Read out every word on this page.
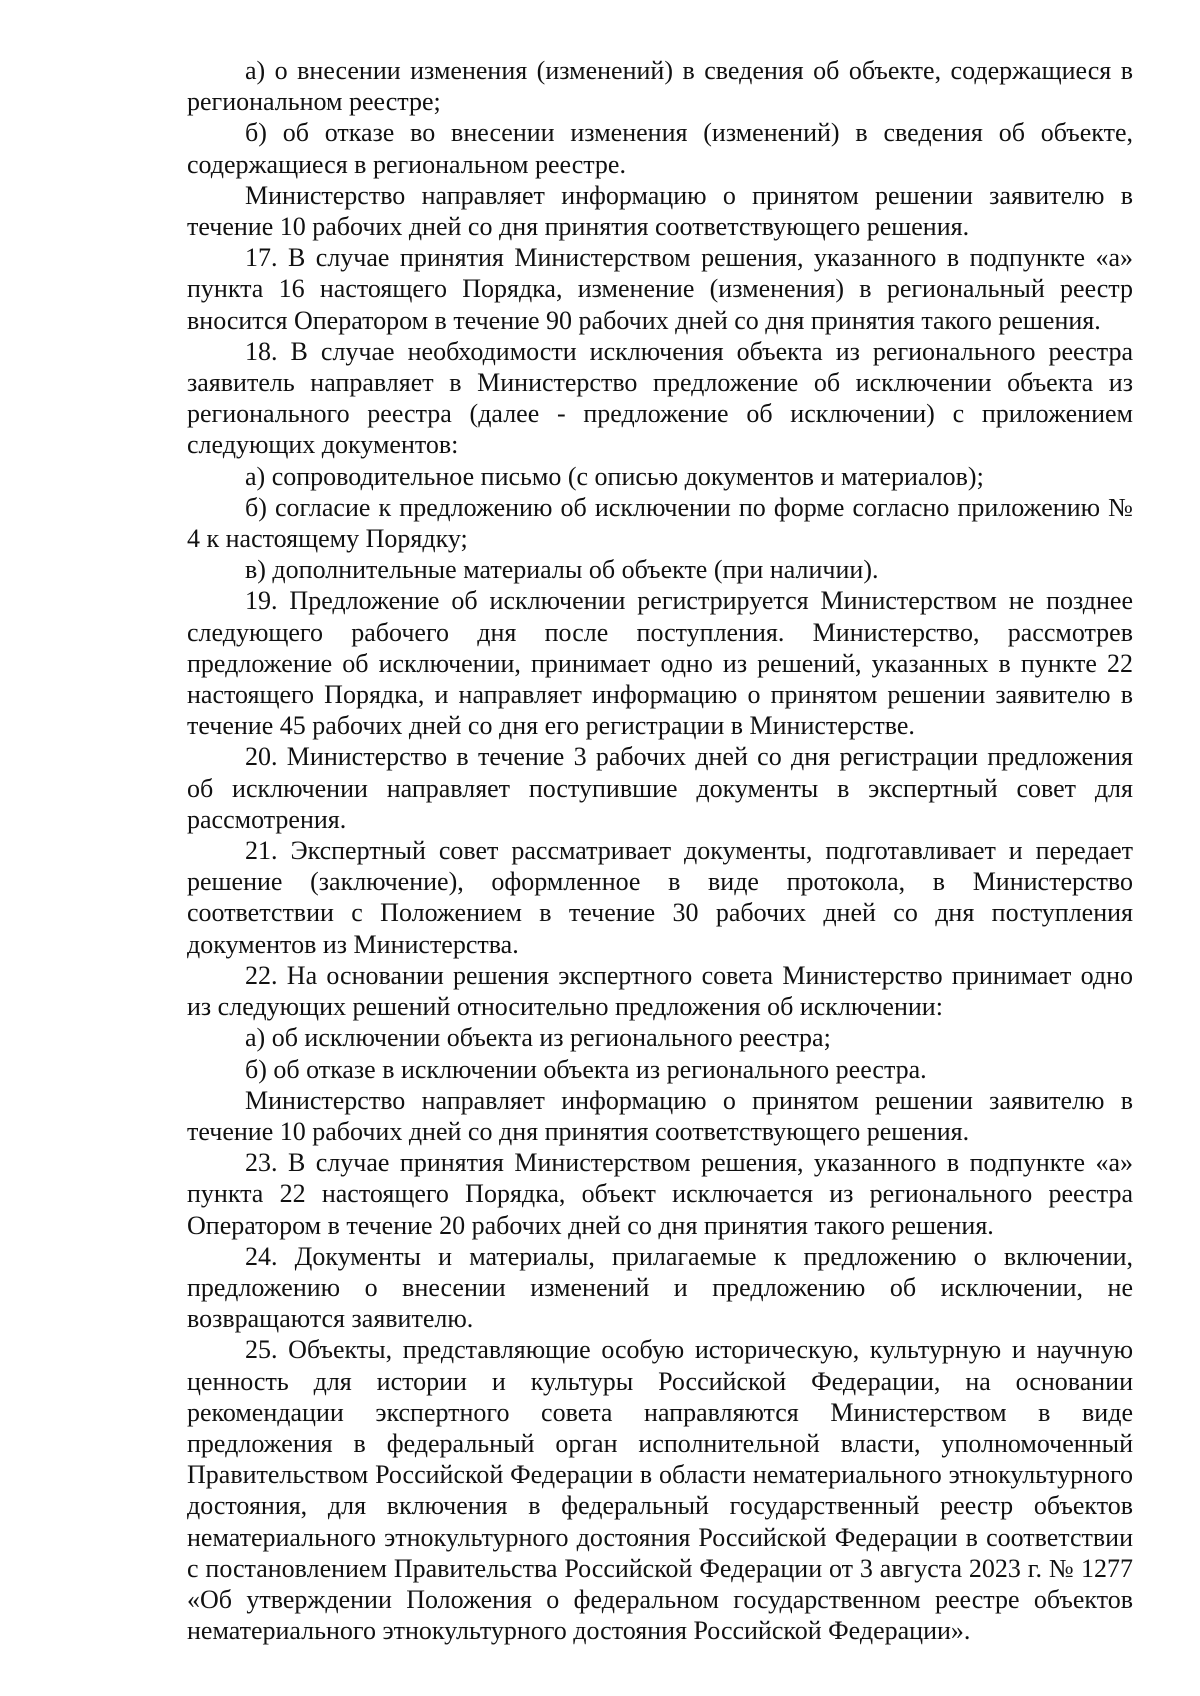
а) о внесении изменения (изменений) в сведения об объекте, содержащиеся в региональном реестре;

б) об отказе во внесении изменения (изменений) в сведения об объекте, содержащиеся в региональном реестре.

Министерство направляет информацию о принятом решении заявителю в течение 10 рабочих дней со дня принятия соответствующего решения.

17. В случае принятия Министерством решения, указанного в подпункте «а» пункта 16 настоящего Порядка, изменение (изменения) в региональный реестр вносится Оператором в течение 90 рабочих дней со дня принятия такого решения.

18. В случае необходимости исключения объекта из регионального реестра заявитель направляет в Министерство предложение об исключении объекта из регионального реестра (далее - предложение об исключении) с приложением следующих документов:

а) сопроводительное письмо (с описью документов и материалов);

б) согласие к предложению об исключении по форме согласно приложению № 4 к настоящему Порядку;

в) дополнительные материалы об объекте (при наличии).

19. Предложение об исключении регистрируется Министерством не позднее следующего рабочего дня после поступления. Министерство, рассмотрев предложение об исключении, принимает одно из решений, указанных в пункте 22 настоящего Порядка, и направляет информацию о принятом решении заявителю в течение 45 рабочих дней со дня его регистрации в Министерстве.

20. Министерство в течение 3 рабочих дней со дня регистрации предложения об исключении направляет поступившие документы в экспертный совет для рассмотрения.

21. Экспертный совет рассматривает документы, подготавливает и передает решение (заключение), оформленное в виде протокола, в Министерство соответствии с Положением в течение 30 рабочих дней со дня поступления документов из Министерства.

22. На основании решения экспертного совета Министерство принимает одно из следующих решений относительно предложения об исключении:

а) об исключении объекта из регионального реестра;

б) об отказе в исключении объекта из регионального реестра.

Министерство направляет информацию о принятом решении заявителю в течение 10 рабочих дней со дня принятия соответствующего решения.

23. В случае принятия Министерством решения, указанного в подпункте «а» пункта 22 настоящего Порядка, объект исключается из регионального реестра Оператором в течение 20 рабочих дней со дня принятия такого решения.

24. Документы и материалы, прилагаемые к предложению о включении, предложению о внесении изменений и предложению об исключении, не возвращаются заявителю.

25. Объекты, представляющие особую историческую, культурную и научную ценность для истории и культуры Российской Федерации, на основании рекомендации экспертного совета направляются Министерством в виде предложения в федеральный орган исполнительной власти, уполномоченный Правительством Российской Федерации в области нематериального этнокультурного достояния, для включения в федеральный государственный реестр объектов нематериального этнокультурного достояния Российской Федерации в соответствии с постановлением Правительства Российской Федерации от 3 августа 2023 г. № 1277 «Об утверждении Положения о федеральном государственном реестре объектов нематериального этнокультурного достояния Российской Федерации».
